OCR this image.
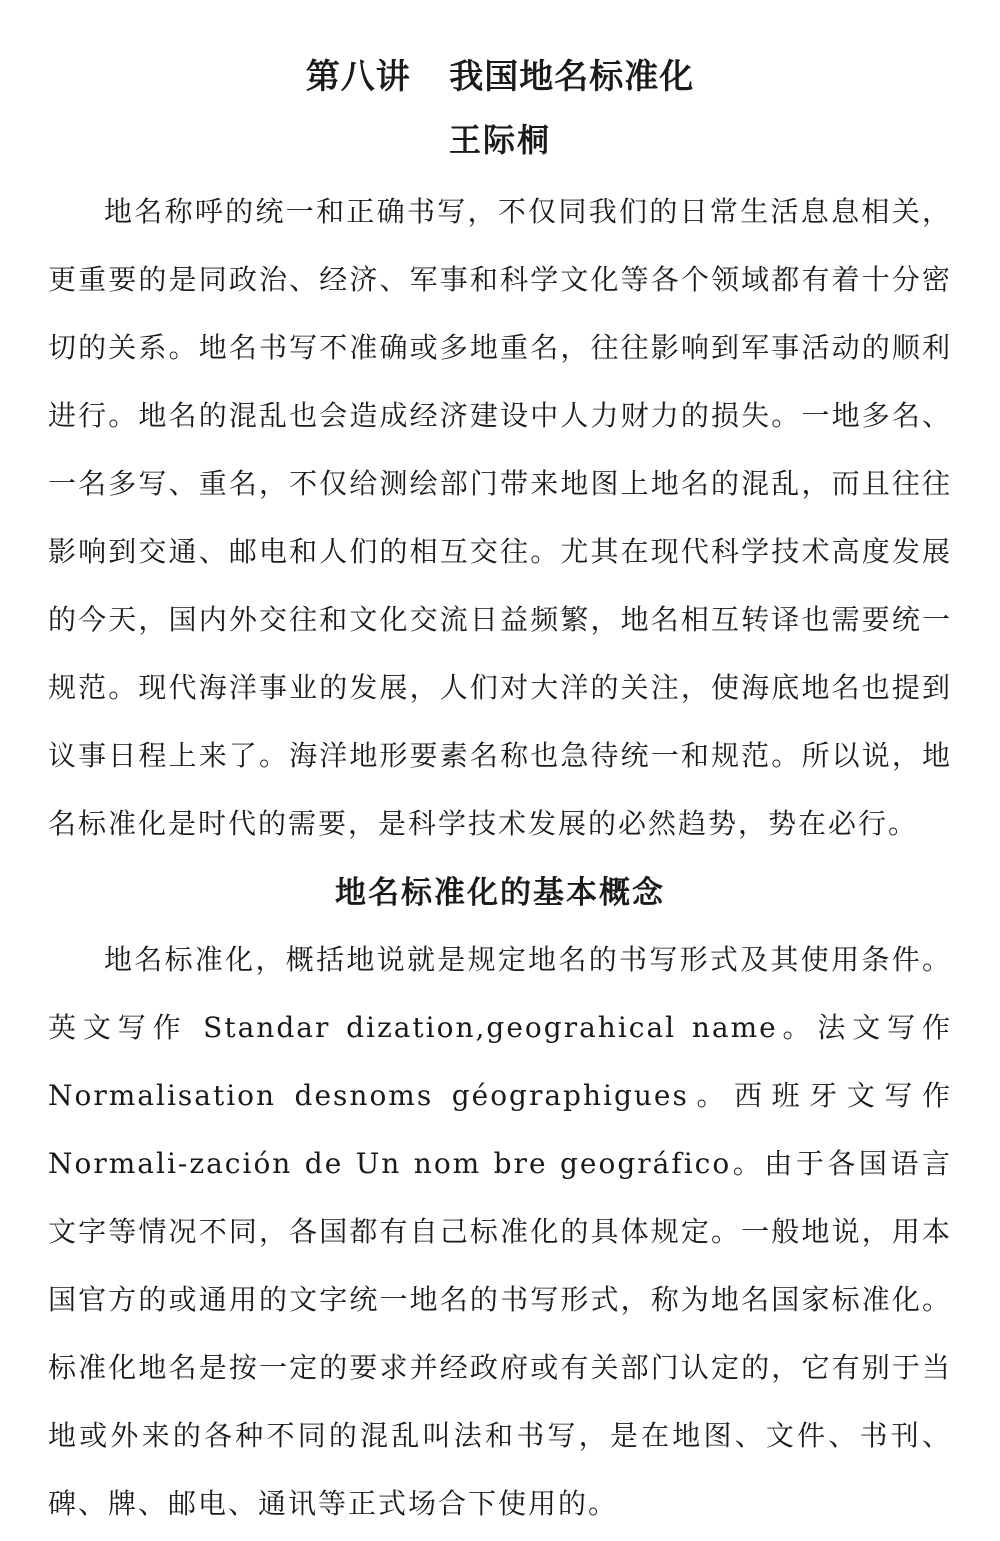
第八讲   我国地名标准化
王际桐

地名称呼的统一和正确书写，不仅同我们的日常生活息息相关，更重要的是同政治、经济、军事和科学文化等各个领域都有着十分密切的关系。地名书写不准确或多地重名，往往影响到军事活动的顺利进行。地名的混乱也会造成经济建设中人力财力的损失。一地多名、一名多写、重名，不仅给测绘部门带来地图上地名的混乱，而且往往影响到交通、邮电和人们的相互交往。尤其在现代科学技术高度发展的今天，国内外交往和文化交流日益频繁，地名相互转译也需要统一规范。现代海洋事业的发展，人们对大洋的关注，使海底地名也提到议事日程上来了。海洋地形要素名称也急待统一和规范。所以说，地名标准化是时代的需要，是科学技术发展的必然趋势，势在必行。

地名标准化的基本概念

地名标准化，概括地说就是规定地名的书写形式及其使用条件。英文写作 Standar dization,geograhical name。法文写作 Normalisation desnoms géographigues。西班牙文写作 Normali-zación de Un nom bre geográfico。由于各国语言文字等情况不同，各国都有自己标准化的具体规定。一般地说，用本国官方的或通用的文字统一地名的书写形式，称为地名国家标准化。标准化地名是按一定的要求并经政府或有关部门认定的，它有别于当地或外来的各种不同的混乱叫法和书写，是在地图、文件、书刊、碑、牌、邮电、通讯等正式场合下使用的。
